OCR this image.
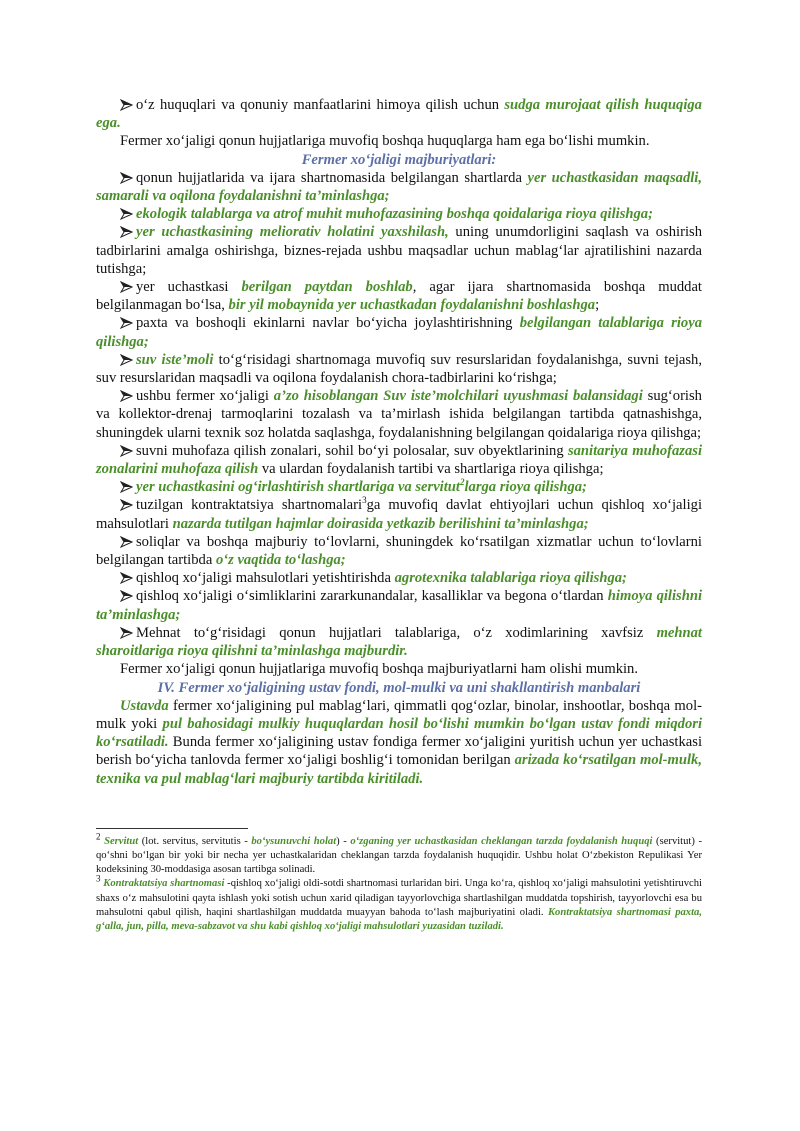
o‘z huquqlari va qonuniy manfaatlarini himoya qilish uchun sudga murojaat qilish huquqiga ega.

Fermer xo‘jaligi qonun hujjatlariga muvofiq boshqa huquqlarga ham ega bo‘lishi mumkin.

Fermer xo‘jaligi majburiyatlari:

qonun hujjatlarida va ijara shartnomasida belgilangan shartlarda yer uchastkasidan maqsadli, samarali va oqilona foydalanishni ta’minlashga;

ekologik talablarga va atrof muhit muhofazasining boshqa qoidalariga rioya qilishga;

yer uchastkasining meliorativ holatini yaxshilash, uning unumdorligini saqlash va oshirish tadbirlarini amalga oshirishga, biznes-rejada ushbu maqsadlar uchun mablag‘lar ajratilishini nazarda tutishga;

yer uchastkasi berilgan paytdan boshlab, agar ijara shartnomasida boshqa muddat belgilanmagan bo‘lsa, bir yil mobaynida yer uchastkadan foydalanishni boshlashga;

paxta va boshoqli ekinlarni navlar bo‘yicha joylashtirishning belgilangan talablariga rioya qilishga;

suv iste’moli to‘g‘risidagi shartnomaga muvofiq suv resurslaridan foydalanishga, suvni tejash, suv resurslaridan maqsadli va oqilona foydalanish chora-tadbirlarini ko‘rishga;

ushbu fermer xo‘jaligi a’zo hisoblangan Suv iste’molchilari uyushmasi balansidagi sug‘orish va kollektor-drenaj tarmoqlarini tozalash va ta’mirlash ishida belgilangan tartibda qatnashishga, shuningdek ularni texnik soz holatda saqlashga, foydalanishning belgilangan qoidalariga rioya qilishga;

suvni muhofaza qilish zonalari, sohil bo‘yi polosalar, suv obyektlarining sanitariya muhofazasi zonalarini muhofaza qilish va ulardan foydalanish tartibi va shartlariga rioya qilishga;

yer uchastkasini og‘irlashtirish shartlariga va servitut$^2$larga rioya qilishga;

tuzilgan kontraktatsiya shartnomalari$^3$ga muvofiq davlat ehtiyojlari uchun qishloq xo‘jaligi mahsulotlari nazarda tutilgan hajmlar doirasida yetkazib berilishini ta’minlashga;

soliqlar va boshqa majburiy to‘lovlarni, shuningdek ko‘rsatilgan xizmatlar uchun to‘lovlarni belgilangan tartibda o‘z vaqtida to‘lashga;

qishloq xo‘jaligi mahsulotlari yetishtirishda agrotexnika talablariga rioya qilishga;

qishloq xo‘jaligi o‘simliklarini zararkunandalar, kasalliklar va begona o‘tlardan himoya qilishni ta’minlashga;

Mehnat to‘g‘risidagi qonun hujjatlari talablariga, o‘z xodimlarining xavfsiz mehnat sharoitlariga rioya qilishni ta’minlashga majburdir.

Fermer xo‘jaligi qonun hujjatlariga muvofiq boshqa majburiyatlarni ham olishi mumkin.

IV. Fermer xo‘jaligining ustav fondi, mol-mulki va uni shakllantirish manbalari

Ustavda fermer xo‘jaligining pul mablag‘lari, qimmatli qog‘ozlar, binolar, inshootlar, boshqa mol-mulk yoki pul bahosidagi mulkiy huquqlardan hosil bo‘lishi mumkin bo‘lgan ustav fondi miqdori ko‘rsatiladi. Bunda fermer xo‘jaligining ustav fondiga fermer xo‘jaligini yuritish uchun yer uchastkasi berish bo‘yicha tanlovda fermer xo‘jaligi boshlig‘i tomonidan berilgan arizada ko‘rsatilgan mol-mulk, texnika va pul mablag‘lari majburiy tartibda kiritiladi.

$^2$ Servitut (lot. servitus, servitutis - bo‘ysunuvchi holat) - o‘zganing yer uchastkasidan cheklangan tarzda foydalanish huquqi (servitut) - qo‘shni bo‘lgan bir yoki bir necha yer uchastkalaridan cheklangan tarzda foydalanish huquqidir. Ushbu holat O‘zbekiston Repulikasi Yer kodeksining 30-moddasiga asosan tartibga solinadi.

$^3$ Kontraktatsiya shartnomasi -qishloq xo‘jaligi oldi-sotdi shartnomasi turlaridan biri. Unga ko‘ra, qishloq xo‘jaligi mahsulotini yetishtiruvchi shaxs o‘z mahsulotini qayta ishlash yoki sotish uchun xarid qiladigan tayyorlovchiga shartlashilgan muddatda topshirish, tayyorlovchi esa bu mahsulotni qabul qilish, haqini shartlashilgan muddatda muayyan bahoda to‘lash majburiyatini oladi. Kontraktatsiya shartnomasi paxta, g‘alla, jun, pilla, meva-sabzavot va shu kabi qishloq xo‘jaligi mahsulotlari yuzasidan tuziladi.
